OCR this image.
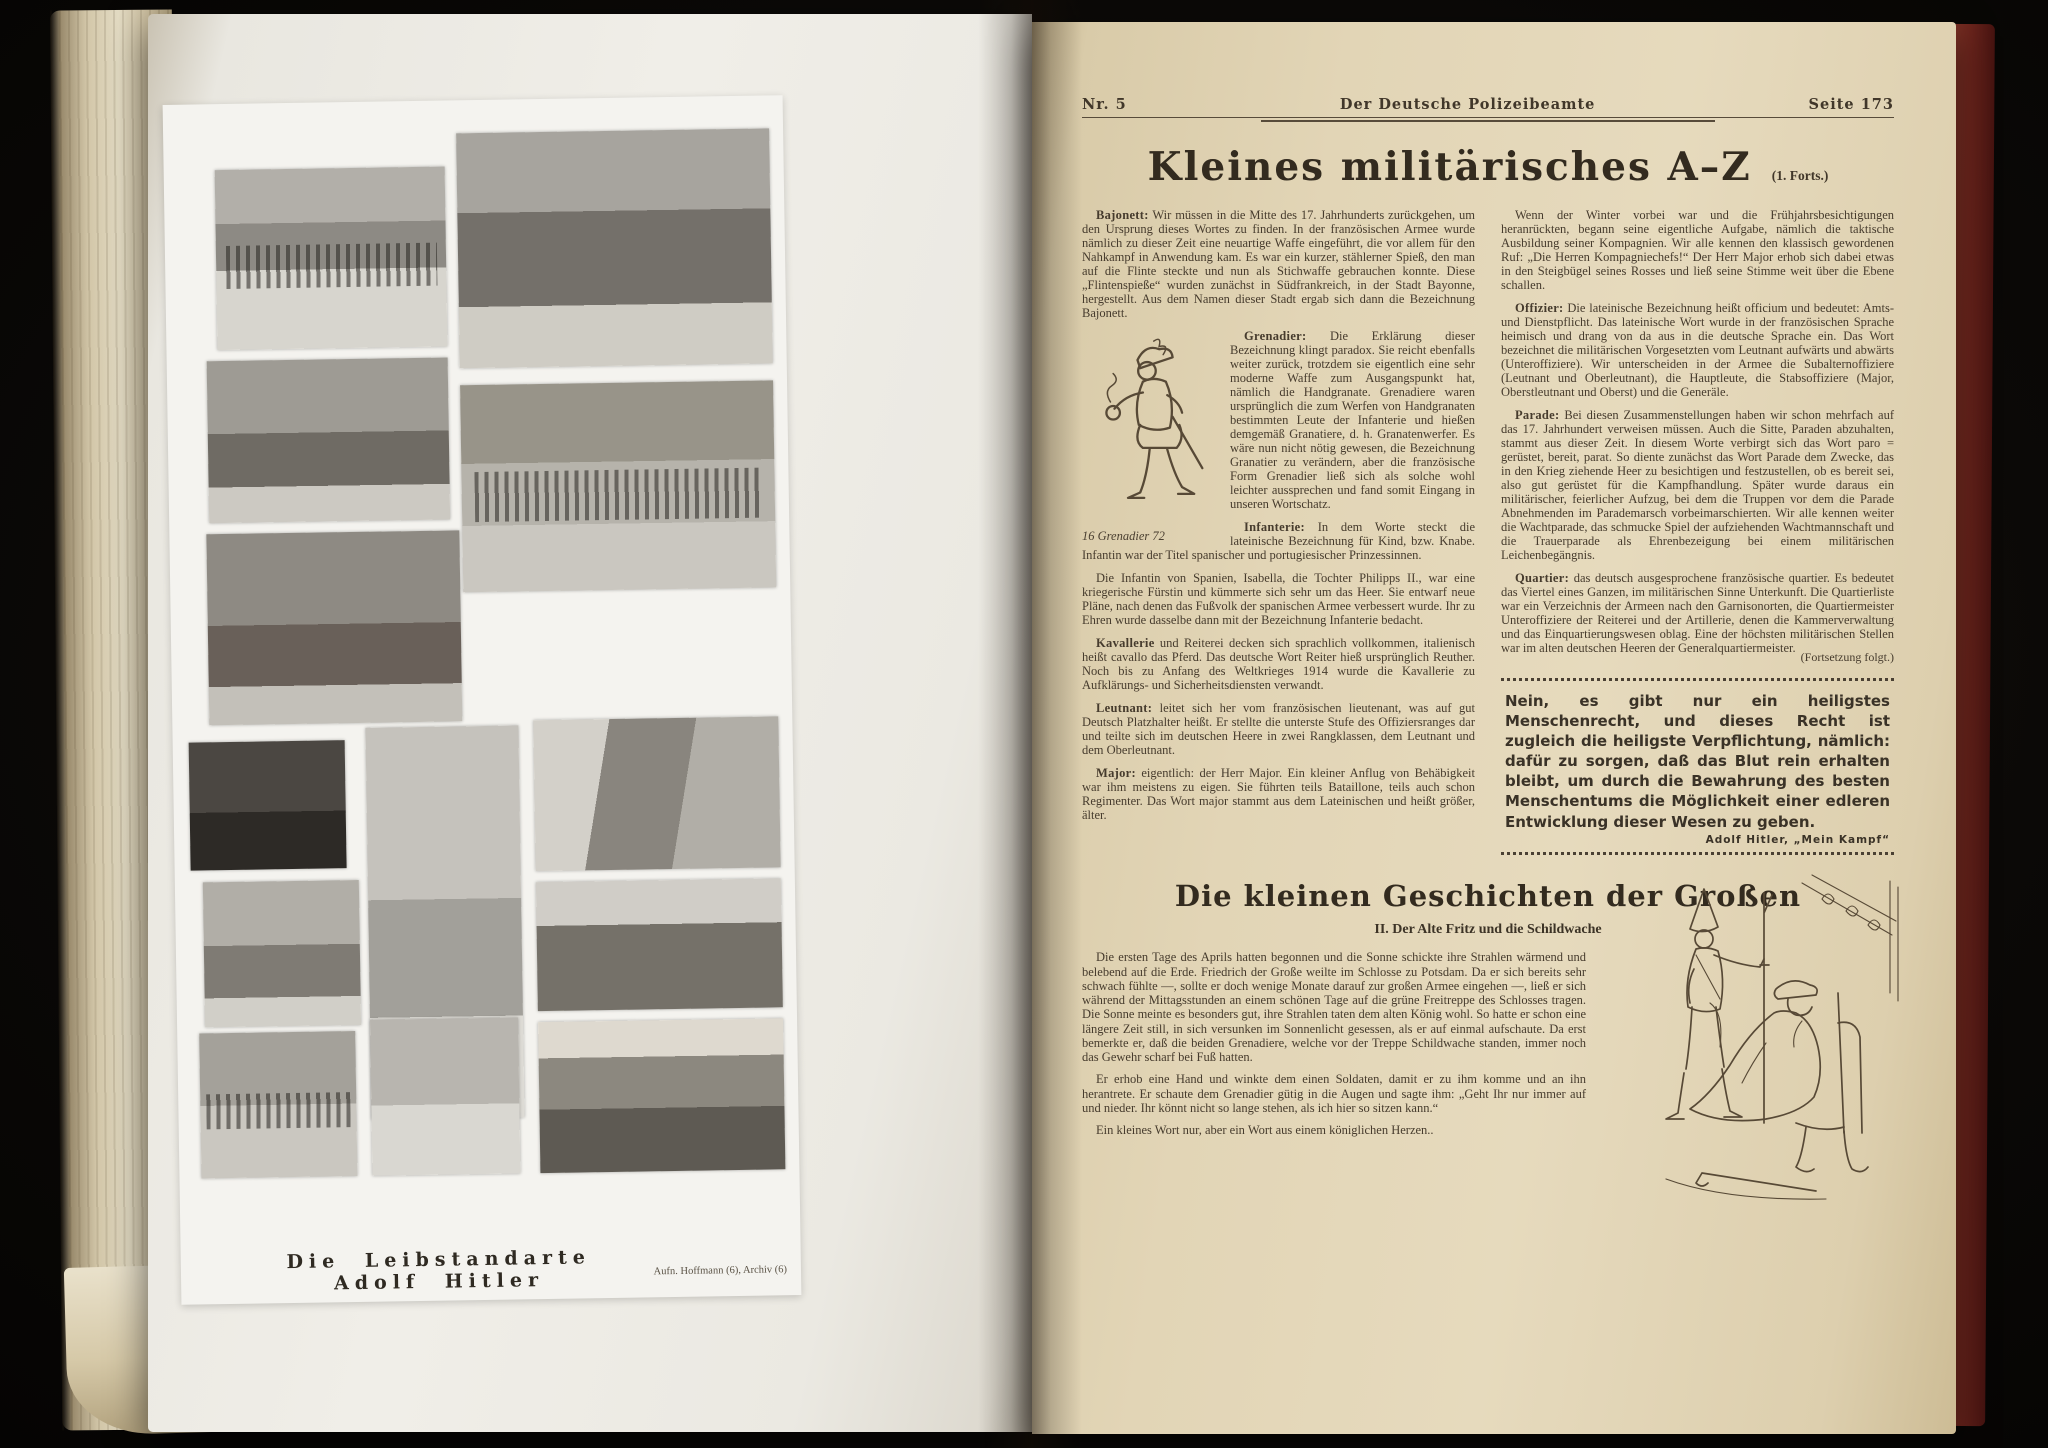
Die Leibstandarte Adolf Hitler	Aufn. Hoffmann (6), Archiv (6)
Nr. 5	Der Deutsche Polizeibeamte	Seite 173
Kleines militärisches A–Z (1. Forts.)

Bajonett: Wir müssen in die Mitte des 17. Jahrhunderts zurückgehen, um den Ursprung dieses Wortes zu finden. In der französischen Armee wurde nämlich zu dieser Zeit eine neuartige Waffe eingeführt, die vor allem für den Nahkampf in Anwendung kam. Es war ein kurzer, stählerner Spieß, den man auf die Flinte steckte und nun als Stichwaffe gebrauchen konnte. Diese „Flintenspieße“ wurden zunächst in Südfrankreich, in der Stadt Bayonne, hergestellt. Aus dem Namen dieser Stadt ergab sich dann die Bezeichnung Bajonett.

16 Grenadier 72
Grenadier: Die Erklärung dieser Bezeichnung klingt paradox. Sie reicht ebenfalls weiter zurück, trotzdem sie eigentlich eine sehr moderne Waffe zum Ausgangspunkt hat, nämlich die Handgranate. Grenadiere waren ursprünglich die zum Werfen von Handgranaten bestimmten Leute der Infanterie und hießen demgemäß Granatiere, d. h. Granatenwerfer. Es wäre nun nicht nötig gewesen, die Bezeichnung Granatier zu verändern, aber die französische Form Grenadier ließ sich als solche wohl leichter aussprechen und fand somit Eingang in unseren Wortschatz.

Infanterie: In dem Worte steckt die lateinische Bezeichnung für Kind, bzw. Knabe. Infantin war der Titel spanischer und portugiesischer Prinzessinnen.

Die Infantin von Spanien, Isabella, die Tochter Philipps II., war eine kriegerische Fürstin und kümmerte sich sehr um das Heer. Sie entwarf neue Pläne, nach denen das Fußvolk der spanischen Armee verbessert wurde. Ihr zu Ehren wurde dasselbe dann mit der Bezeichnung Infanterie bedacht.

Kavallerie und Reiterei decken sich sprachlich vollkommen, italienisch heißt cavallo das Pferd. Das deutsche Wort Reiter hieß ursprünglich Reuther. Noch bis zu Anfang des Weltkrieges 1914 wurde die Kavallerie zu Aufklärungs- und Sicherheitsdiensten verwandt.

Leutnant: leitet sich her vom französischen lieutenant, was auf gut Deutsch Platzhalter heißt. Er stellte die unterste Stufe des Offiziersranges dar und teilte sich im deutschen Heere in zwei Rangklassen, dem Leutnant und dem Oberleutnant.

Major: eigentlich: der Herr Major. Ein kleiner Anflug von Behäbigkeit war ihm meistens zu eigen. Sie führten teils Bataillone, teils auch schon Regimenter. Das Wort major stammt aus dem Lateinischen und heißt größer, älter.

Wenn der Winter vorbei war und die Frühjahrsbesichtigungen heranrückten, begann seine eigentliche Aufgabe, nämlich die taktische Ausbildung seiner Kompagnien. Wir alle kennen den klassisch gewordenen Ruf: „Die Herren Kompagniechefs!“ Der Herr Major erhob sich dabei etwas in den Steigbügel seines Rosses und ließ seine Stimme weit über die Ebene schallen.

Offizier: Die lateinische Bezeichnung heißt officium und bedeutet: Amts- und Dienstpflicht. Das lateinische Wort wurde in der französischen Sprache heimisch und drang von da aus in die deutsche Sprache ein. Das Wort bezeichnet die militärischen Vorgesetzten vom Leutnant aufwärts und abwärts (Unteroffiziere). Wir unterscheiden in der Armee die Subalternoffiziere (Leutnant und Oberleutnant), die Hauptleute, die Stabsoffiziere (Major, Oberstleutnant und Oberst) und die Generäle.

Parade: Bei diesen Zusammenstellungen haben wir schon mehrfach auf das 17. Jahrhundert verweisen müssen. Auch die Sitte, Paraden abzuhalten, stammt aus dieser Zeit. In diesem Worte verbirgt sich das Wort paro = gerüstet, bereit, parat. So diente zunächst das Wort Parade dem Zwecke, das in den Krieg ziehende Heer zu besichtigen und festzustellen, ob es bereit sei, also gut gerüstet für die Kampfhandlung. Später wurde daraus ein militärischer, feierlicher Aufzug, bei dem die Truppen vor dem die Parade Abnehmenden im Parademarsch vorbeimarschierten. Wir alle kennen weiter die Wachtparade, das schmucke Spiel der aufziehenden Wachtmannschaft und die Trauerparade als Ehrenbezeigung bei einem militärischen Leichenbegängnis.

Quartier: das deutsch ausgesprochene französische quartier. Es bedeutet das Viertel eines Ganzen, im militärischen Sinne Unterkunft. Die Quartierliste war ein Verzeichnis der Armeen nach den Garnisonorten, die Quartiermeister Unteroffiziere der Reiterei und der Artillerie, denen die Kammerverwaltung und das Einquartierungswesen oblag. Eine der höchsten militärischen Stellen war im alten deutschen Heeren der Generalquartiermeister.

(Fortsetzung folgt.)
Nein, es gibt nur ein heiligstes Menschenrecht, und dieses Recht ist zugleich die heiligste Verpflichtung, nämlich: dafür zu sorgen, daß das Blut rein erhalten bleibt, um durch die Bewahrung des besten Menschentums die Möglichkeit einer edleren Entwicklung dieser Wesen zu geben.
Adolf Hitler, „Mein Kampf“
Die kleinen Geschichten der Großen
II. Der Alte Fritz und die Schildwache

Die ersten Tage des Aprils hatten begonnen und die Sonne schickte ihre Strahlen wärmend und belebend auf die Erde. Friedrich der Große weilte im Schlosse zu Potsdam. Da er sich bereits sehr schwach fühlte —, sollte er doch wenige Monate darauf zur großen Armee eingehen —, ließ er sich während der Mittagsstunden an einem schönen Tage auf die grüne Freitreppe des Schlosses tragen. Die Sonne meinte es besonders gut, ihre Strahlen taten dem alten König wohl. So hatte er schon eine längere Zeit still, in sich versunken im Sonnenlicht gesessen, als er auf einmal aufschaute. Da erst bemerkte er, daß die beiden Grenadiere, welche vor der Treppe Schildwache standen, immer noch das Gewehr scharf bei Fuß hatten.

Er erhob eine Hand und winkte dem einen Soldaten, damit er zu ihm komme und an ihn herantrete. Er schaute dem Grenadier gütig in die Augen und sagte ihm: „Geht Ihr nur immer auf und nieder. Ihr könnt nicht so lange stehen, als ich hier so sitzen kann.“

Ein kleines Wort nur, aber ein Wort aus einem königlichen Herzen..
